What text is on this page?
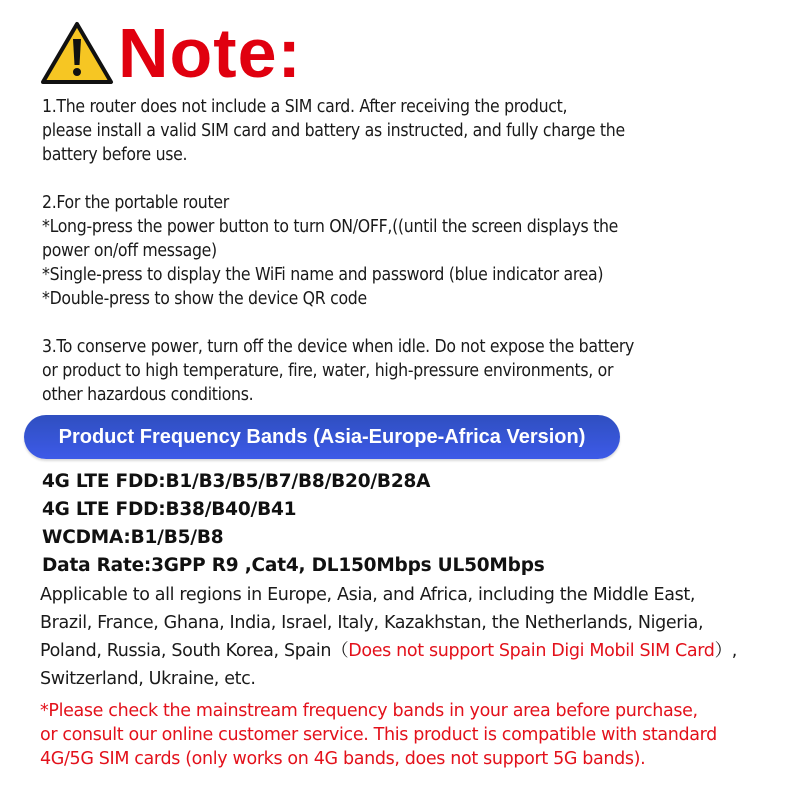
Note:
1.The router does not include a SIM card. After receiving the product,
please install a valid SIM card and battery as instructed, and fully charge the
battery before use.
2.For the portable router
*Long-press the power button to turn ON/OFF,((until the screen displays the
power on/off message)
*Single-press to display the WiFi name and password (blue indicator area)
*Double-press to show the device QR code
3.To conserve power, turn off the device when idle. Do not expose the battery
or product to high temperature, fire, water, high-pressure environments, or
other hazardous conditions.
Product Frequency Bands (Asia-Europe-Africa Version)
4G LTE FDD:B1/B3/B5/B7/B8/B20/B28A
4G LTE FDD:B38/B40/B41
WCDMA:B1/B5/B8
Data Rate:3GPP R9 ,Cat4, DL150Mbps UL50Mbps
Applicable to all regions in Europe, Asia, and Africa, including the Middle East,
Brazil, France, Ghana, India, Israel, Italy, Kazakhstan, the Netherlands, Nigeria,
Poland, Russia, South Korea, Spain（Does not support Spain Digi Mobil SIM Card）,
Switzerland, Ukraine, etc.
*Please check the mainstream frequency bands in your area before purchase,
or consult our online customer service. This product is compatible with standard
4G/5G SIM cards (only works on 4G bands, does not support 5G bands).
